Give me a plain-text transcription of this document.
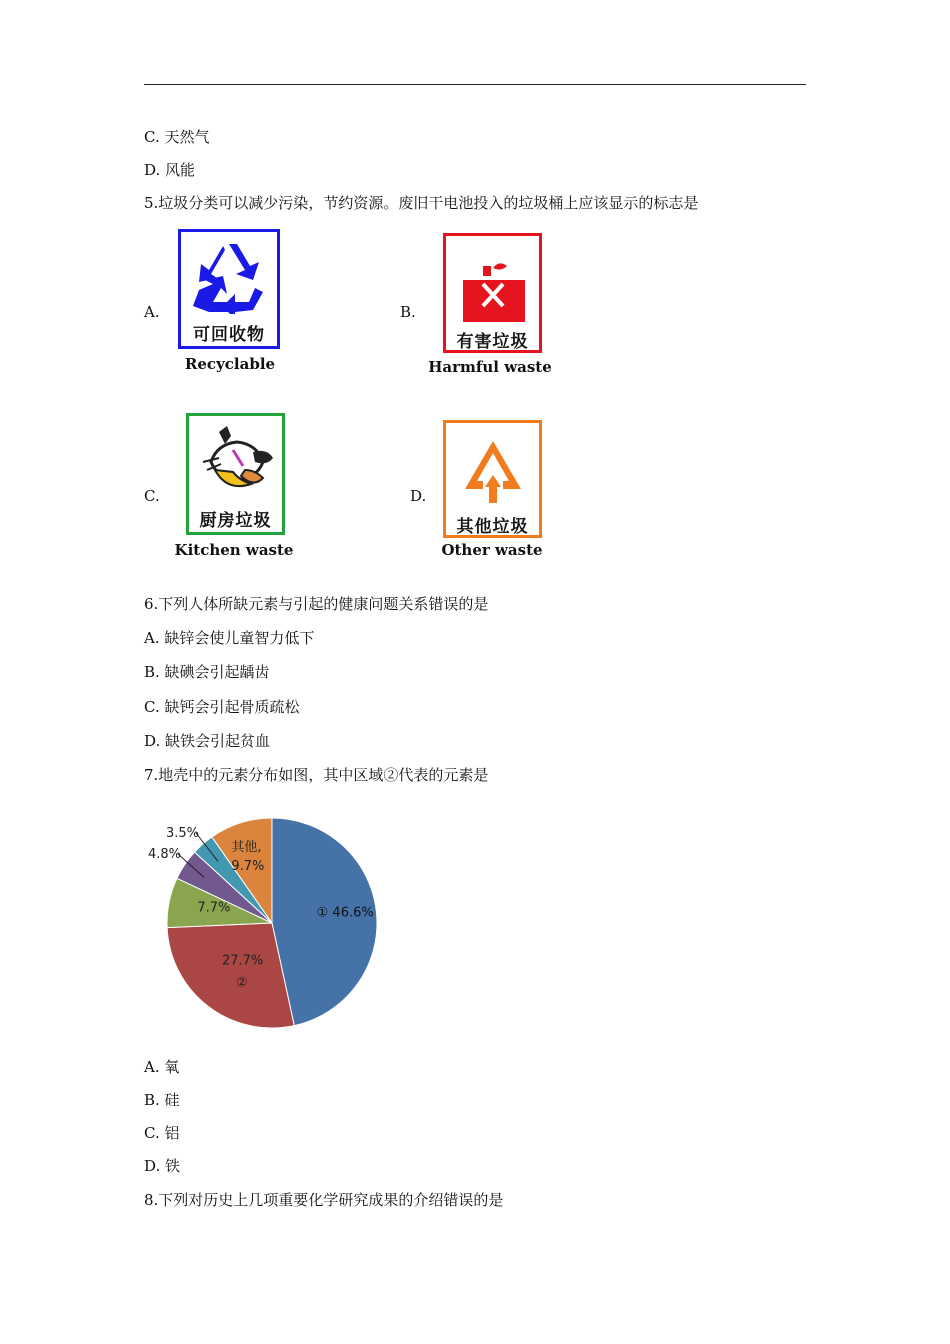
C. 天然气
D. 风能
5.垃圾分类可以减少污染，节约资源。废旧干电池投入的垃圾桶上应该显示的标志是
A.
可回收物
Recyclable
B.
有害垃圾
Harmful waste
C.
厨房垃圾
Kitchen waste
D.
其他垃圾
Other waste
6.下列人体所缺元素与引起的健康问题关系错误的是
A. 缺锌会使儿童智力低下
B. 缺碘会引起龋齿
C. 缺钙会引起骨质疏松
D. 缺铁会引起贫血
7.地壳中的元素分布如图，其中区域②代表的元素是
① 46.6%
27.7%
②
7.7%
4.8%
3.5%
其他,
9.7%
A. 氧
B. 硅
C. 铝
D. 铁
8.下列对历史上几项重要化学研究成果的介绍错误的是
